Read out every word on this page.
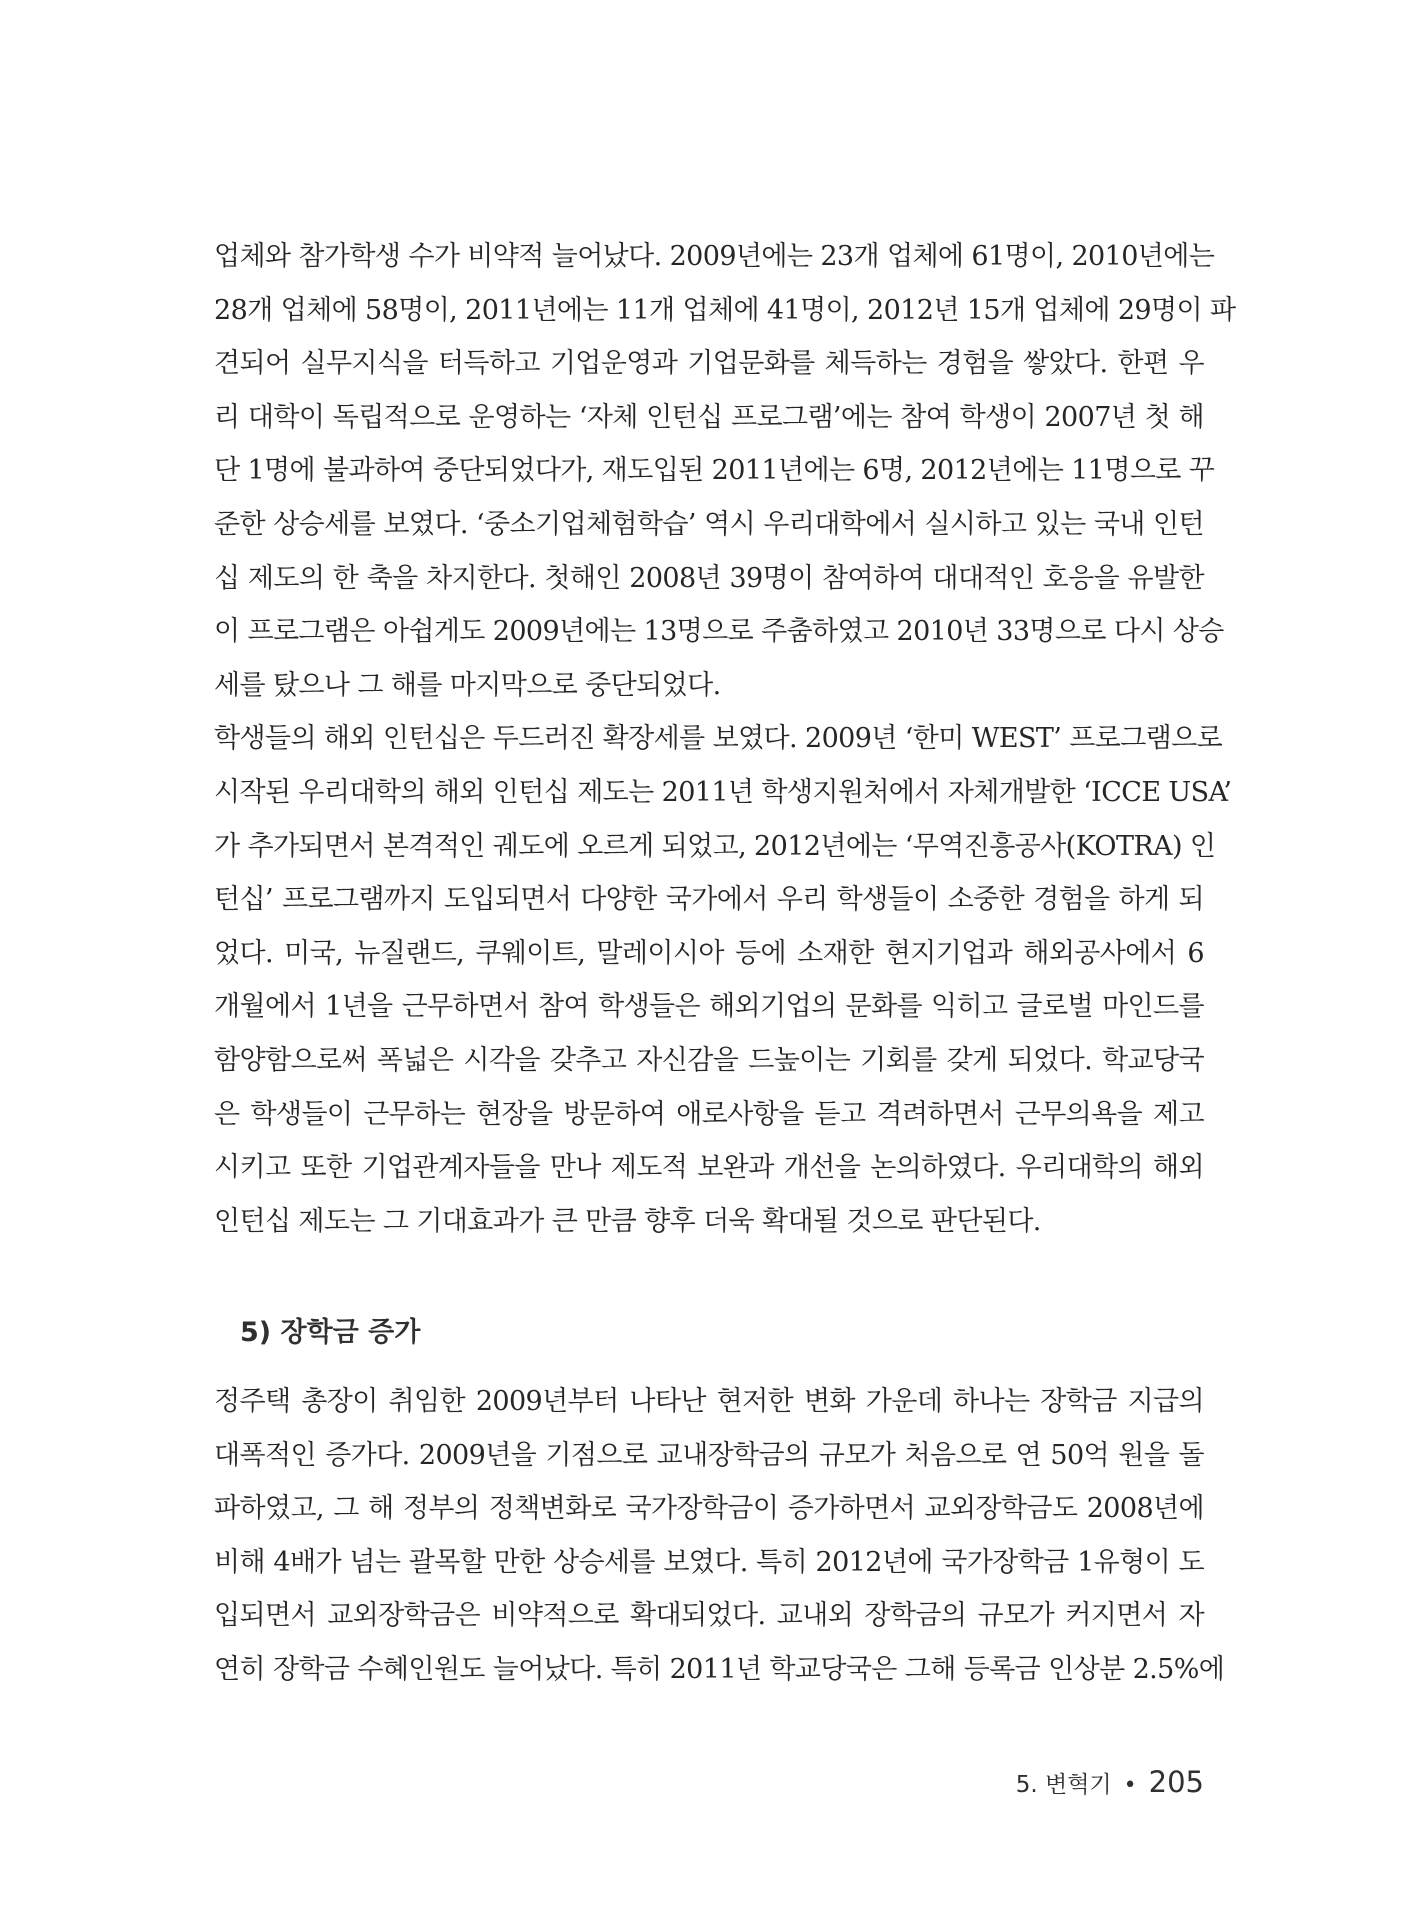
업체와 참가학생 수가 비약적 늘어났다. 2009년에는 23개 업체에 61명이, 2010년에는

28개 업체에 58명이, 2011년에는 11개 업체에 41명이, 2012년 15개 업체에 29명이 파

견되어 실무지식을 터득하고 기업운영과 기업문화를 체득하는 경험을 쌓았다. 한편 우

리 대학이 독립적으로 운영하는 ‘자체 인턴십 프로그램’에는 참여 학생이 2007년 첫 해

단 1명에 불과하여 중단되었다가, 재도입된 2011년에는 6명, 2012년에는 11명으로 꾸

준한 상승세를 보였다. ‘중소기업체험학습’ 역시 우리대학에서 실시하고 있는 국내 인턴

십 제도의 한 축을 차지한다. 첫해인 2008년 39명이 참여하여 대대적인 호응을 유발한

이 프로그램은 아쉽게도 2009년에는 13명으로 주춤하였고 2010년 33명으로 다시 상승

세를 탔으나 그 해를 마지막으로 중단되었다.

학생들의 해외 인턴십은 두드러진 확장세를 보였다. 2009년 ‘한미 WEST’ 프로그램으로

시작된 우리대학의 해외 인턴십 제도는 2011년 학생지원처에서 자체개발한 ‘ICCE USA’

가 추가되면서 본격적인 궤도에 오르게 되었고, 2012년에는 ‘무역진흥공사(KOTRA) 인

턴십’ 프로그램까지 도입되면서 다양한 국가에서 우리 학생들이 소중한 경험을 하게 되

었다. 미국, 뉴질랜드, 쿠웨이트, 말레이시아 등에 소재한 현지기업과 해외공사에서 6

개월에서 1년을 근무하면서 참여 학생들은 해외기업의 문화를 익히고 글로벌 마인드를

함양함으로써 폭넓은 시각을 갖추고 자신감을 드높이는 기회를 갖게 되었다. 학교당국

은 학생들이 근무하는 현장을 방문하여 애로사항을 듣고 격려하면서 근무의욕을 제고

시키고 또한 기업관계자들을 만나 제도적 보완과 개선을 논의하였다. 우리대학의 해외

인턴십 제도는 그 기대효과가 큰 만큼 향후 더욱 확대될 것으로 판단된다.

5) 장학금 증가

정주택 총장이 취임한 2009년부터 나타난 현저한 변화 가운데 하나는 장학금 지급의

대폭적인 증가다. 2009년을 기점으로 교내장학금의 규모가 처음으로 연 50억 원을 돌

파하였고, 그 해 정부의 정책변화로 국가장학금이 증가하면서 교외장학금도 2008년에

비해 4배가 넘는 괄목할 만한 상승세를 보였다. 특히 2012년에 국가장학금 1유형이 도

입되면서 교외장학금은 비약적으로 확대되었다. 교내외 장학금의 규모가 커지면서 자

연히 장학금 수혜인원도 늘어났다. 특히 2011년 학교당국은 그해 등록금 인상분 2.5%에

5. 변혁기 • 205
